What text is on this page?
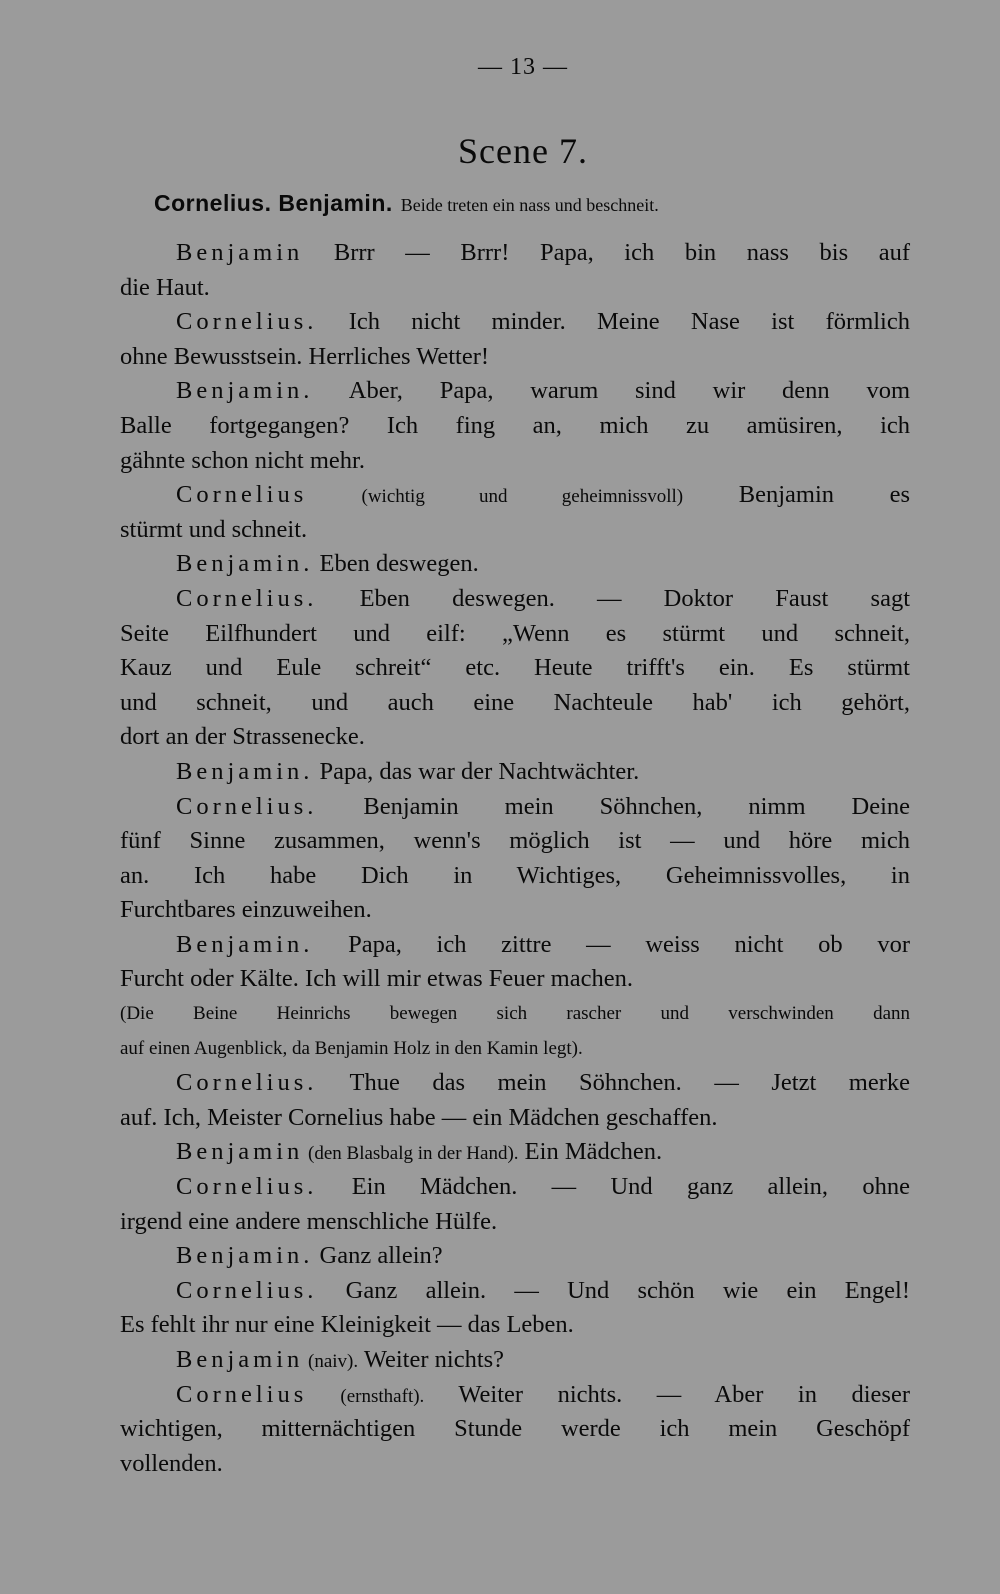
— 13 —
Scene 7.
Cornelius. Benjamin. Beide treten ein nass und beschneit.
Benjamin Brrr — Brrr! Papa, ich bin nass bis auf
die Haut.
Cornelius. Ich nicht minder. Meine Nase ist förmlich
ohne Bewusstsein. Herrliches Wetter!
Benjamin. Aber, Papa, warum sind wir denn vom
Balle fortgegangen? Ich fing an, mich zu amüsiren, ich
gähnte schon nicht mehr.
Cornelius (wichtig und geheimnissvoll) Benjamin es
stürmt und schneit.
Benjamin. Eben deswegen.
Cornelius. Eben deswegen. — Doktor Faust sagt
Seite Eilfhundert und eilf: „Wenn es stürmt und schneit,
Kauz und Eule schreit“ etc. Heute trifft's ein. Es stürmt
und schneit, und auch eine Nachteule hab' ich gehört,
dort an der Strassenecke.
Benjamin. Papa, das war der Nachtwächter.
Cornelius. Benjamin mein Söhnchen, nimm Deine
fünf Sinne zusammen, wenn's möglich ist — und höre mich
an. Ich habe Dich in Wichtiges, Geheimnissvolles, in
Furchtbares einzuweihen.
Benjamin. Papa, ich zittre — weiss nicht ob vor
Furcht oder Kälte. Ich will mir etwas Feuer machen.
(Die Beine Heinrichs bewegen sich rascher und verschwinden dann
auf einen Augenblick, da Benjamin Holz in den Kamin legt).
Cornelius. Thue das mein Söhnchen. — Jetzt merke
auf. Ich, Meister Cornelius habe — ein Mädchen geschaffen.
Benjamin (den Blasbalg in der Hand). Ein Mädchen.
Cornelius. Ein Mädchen. — Und ganz allein, ohne
irgend eine andere menschliche Hülfe.
Benjamin. Ganz allein?
Cornelius. Ganz allein. — Und schön wie ein Engel!
Es fehlt ihr nur eine Kleinigkeit — das Leben.
Benjamin (naiv). Weiter nichts?
Cornelius (ernsthaft). Weiter nichts. — Aber in dieser
wichtigen, mitternächtigen Stunde werde ich mein Geschöpf
vollenden.
